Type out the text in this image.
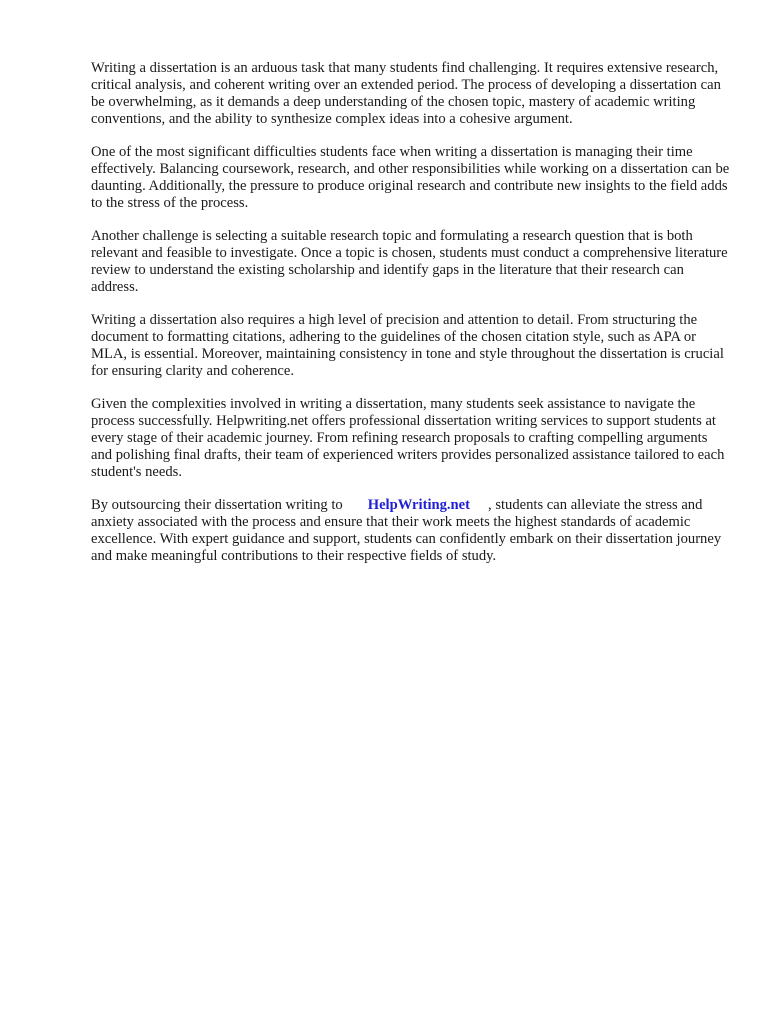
Writing a dissertation is an arduous task that many students find challenging. It requires extensive research, critical analysis, and coherent writing over an extended period. The process of developing a dissertation can be overwhelming, as it demands a deep understanding of the chosen topic, mastery of academic writing conventions, and the ability to synthesize complex ideas into a cohesive argument.

One of the most significant difficulties students face when writing a dissertation is managing their time effectively. Balancing coursework, research, and other responsibilities while working on a dissertation can be daunting. Additionally, the pressure to produce original research and contribute new insights to the field adds to the stress of the process.

Another challenge is selecting a suitable research topic and formulating a research question that is both relevant and feasible to investigate. Once a topic is chosen, students must conduct a comprehensive literature review to understand the existing scholarship and identify gaps in the literature that their research can address.

Writing a dissertation also requires a high level of precision and attention to detail. From structuring the document to formatting citations, adhering to the guidelines of the chosen citation style, such as APA or MLA, is essential. Moreover, maintaining consistency in tone and style throughout the dissertation is crucial for ensuring clarity and coherence.

Given the complexities involved in writing a dissertation, many students seek assistance to navigate the process successfully. Helpwriting.net offers professional dissertation writing services to support students at every stage of their academic journey. From refining research proposals to crafting compelling arguments and polishing final drafts, their team of experienced writers provides personalized assistance tailored to each student's needs.

By outsourcing their dissertation writing to HelpWriting.net , students can alleviate the stress and anxiety associated with the process and ensure that their work meets the highest standards of academic excellence. With expert guidance and support, students can confidently embark on their dissertation journey and make meaningful contributions to their respective fields of study.
